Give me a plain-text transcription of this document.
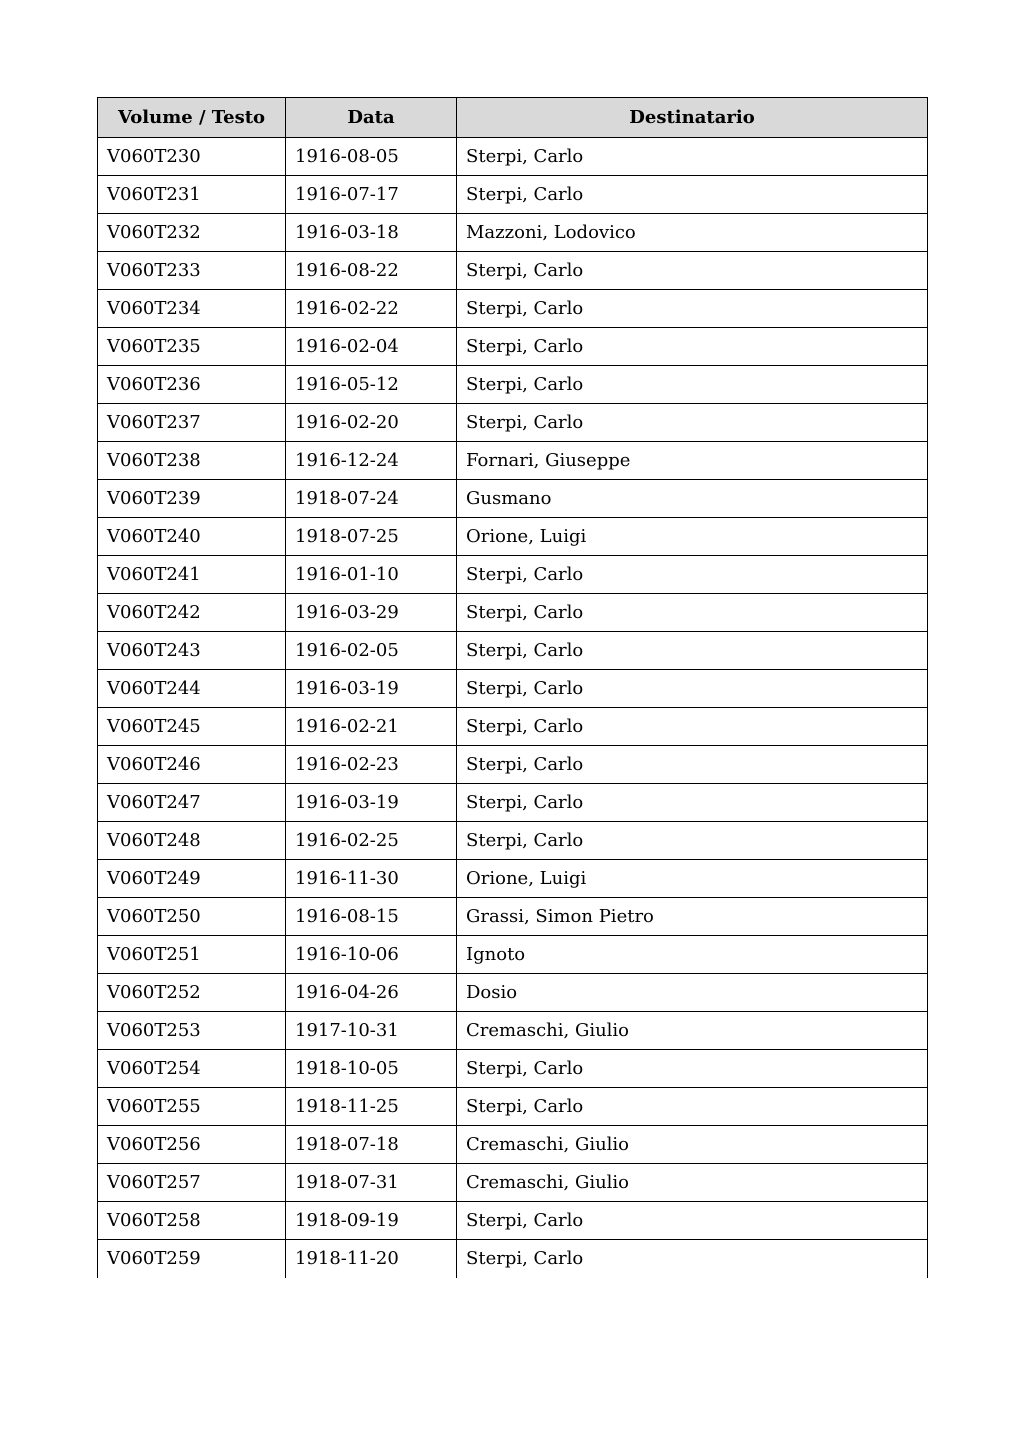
Volume / Testo	Data	Destinatario
V060T230	1916-08-05	Sterpi, Carlo
V060T231	1916-07-17	Sterpi, Carlo
V060T232	1916-03-18	Mazzoni, Lodovico
V060T233	1916-08-22	Sterpi, Carlo
V060T234	1916-02-22	Sterpi, Carlo
V060T235	1916-02-04	Sterpi, Carlo
V060T236	1916-05-12	Sterpi, Carlo
V060T237	1916-02-20	Sterpi, Carlo
V060T238	1916-12-24	Fornari, Giuseppe
V060T239	1918-07-24	Gusmano
V060T240	1918-07-25	Orione, Luigi
V060T241	1916-01-10	Sterpi, Carlo
V060T242	1916-03-29	Sterpi, Carlo
V060T243	1916-02-05	Sterpi, Carlo
V060T244	1916-03-19	Sterpi, Carlo
V060T245	1916-02-21	Sterpi, Carlo
V060T246	1916-02-23	Sterpi, Carlo
V060T247	1916-03-19	Sterpi, Carlo
V060T248	1916-02-25	Sterpi, Carlo
V060T249	1916-11-30	Orione, Luigi
V060T250	1916-08-15	Grassi, Simon Pietro
V060T251	1916-10-06	Ignoto
V060T252	1916-04-26	Dosio
V060T253	1917-10-31	Cremaschi, Giulio
V060T254	1918-10-05	Sterpi, Carlo
V060T255	1918-11-25	Sterpi, Carlo
V060T256	1918-07-18	Cremaschi, Giulio
V060T257	1918-07-31	Cremaschi, Giulio
V060T258	1918-09-19	Sterpi, Carlo
V060T259	1918-11-20	Sterpi, Carlo
